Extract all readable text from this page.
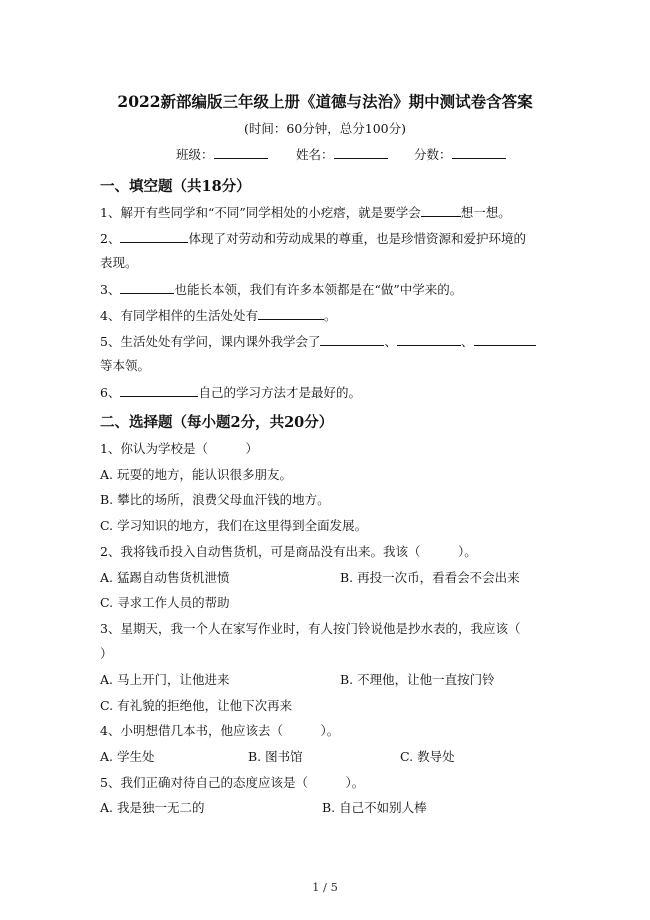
2022新部编版三年级上册《道德与法治》期中测试卷含答案
(时间：60分钟，总分100分)
班级：	姓名：	分数：
一、填空题（共18分）
1、解开有些同学和“不同”同学相处的小疙瘩，就是要学会	想一想。
2、	体现了对劳动和劳动成果的尊重，也是珍惜资源和爱护环境的
表现。
3、	也能长本领，我们有许多本领都是在“做”中学来的。
4、有同学相伴的生活处处有	。
5、生活处处有学问，课内课外我学会了	、	、
等本领。
6、	自己的学习方法才是最好的。
二、选择题（每小题2分，共20分）
1、你认为学校是（　　　）
A. 玩耍的地方，能认识很多朋友。
B. 攀比的场所，浪费父母血汗钱的地方。
C. 学习知识的地方，我们在这里得到全面发展。
2、我将钱币投入自动售货机，可是商品没有出来。我该（　　　）。
A. 猛踢自动售货机泄愤	B. 再投一次币，看看会不会出来
C. 寻求工作人员的帮助
3、星期天，我一个人在家写作业时，有人按门铃说他是抄水表的，我应该（
）
A. 马上开门，让他进来	B. 不理他，让他一直按门铃
C. 有礼貌的拒绝他，让他下次再来
4、小明想借几本书，他应该去（　　　）。
A. 学生处	B. 图书馆	C. 教导处
5、我们正确对待自己的态度应该是（　　　）。
A. 我是独一无二的	B. 自己不如别人棒
1 / 5
